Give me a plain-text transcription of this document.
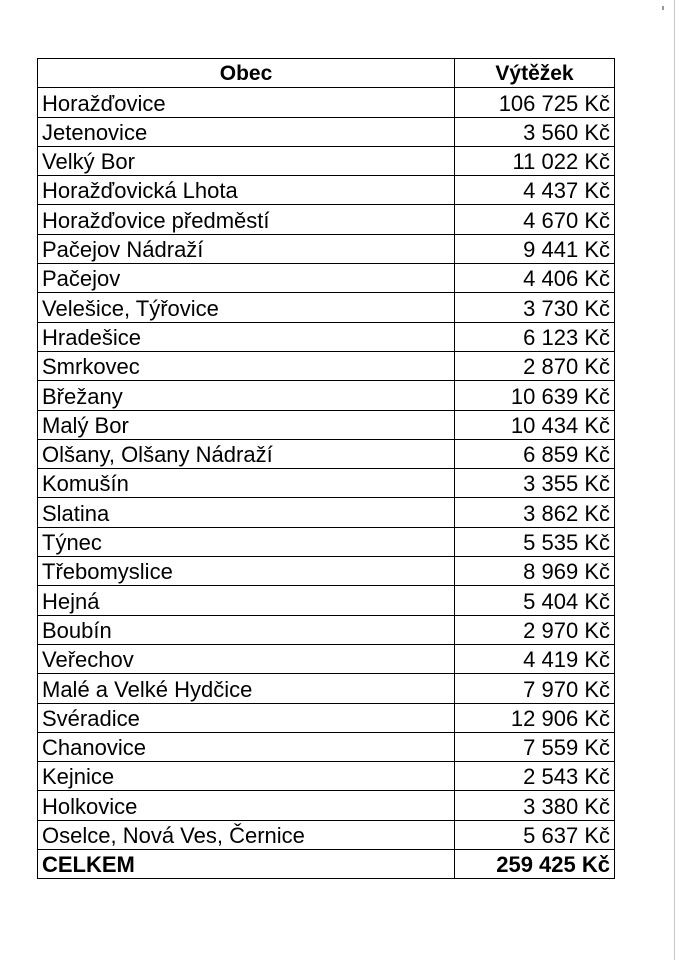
Obec	Výtěžek
Horažďovice	106 725 Kč
Jetenovice	3 560 Kč
Velký Bor	11 022 Kč
Horažďovická Lhota	4 437 Kč
Horažďovice předměstí	4 670 Kč
Pačejov Nádraží	9 441 Kč
Pačejov	4 406 Kč
Velešice, Týřovice	3 730 Kč
Hradešice	6 123 Kč
Smrkovec	2 870 Kč
Břežany	10 639 Kč
Malý Bor	10 434 Kč
Olšany, Olšany Nádraží	6 859 Kč
Komušín	3 355 Kč
Slatina	3 862 Kč
Týnec	5 535 Kč
Třebomyslice	8 969 Kč
Hejná	5 404 Kč
Boubín	2 970 Kč
Veřechov	4 419 Kč
Malé a Velké Hydčice	7 970 Kč
Svéradice	12 906 Kč
Chanovice	7 559 Kč
Kejnice	2 543 Kč
Holkovice	3 380 Kč
Oselce, Nová Ves, Černice	5 637 Kč
CELKEM	259 425 Kč
